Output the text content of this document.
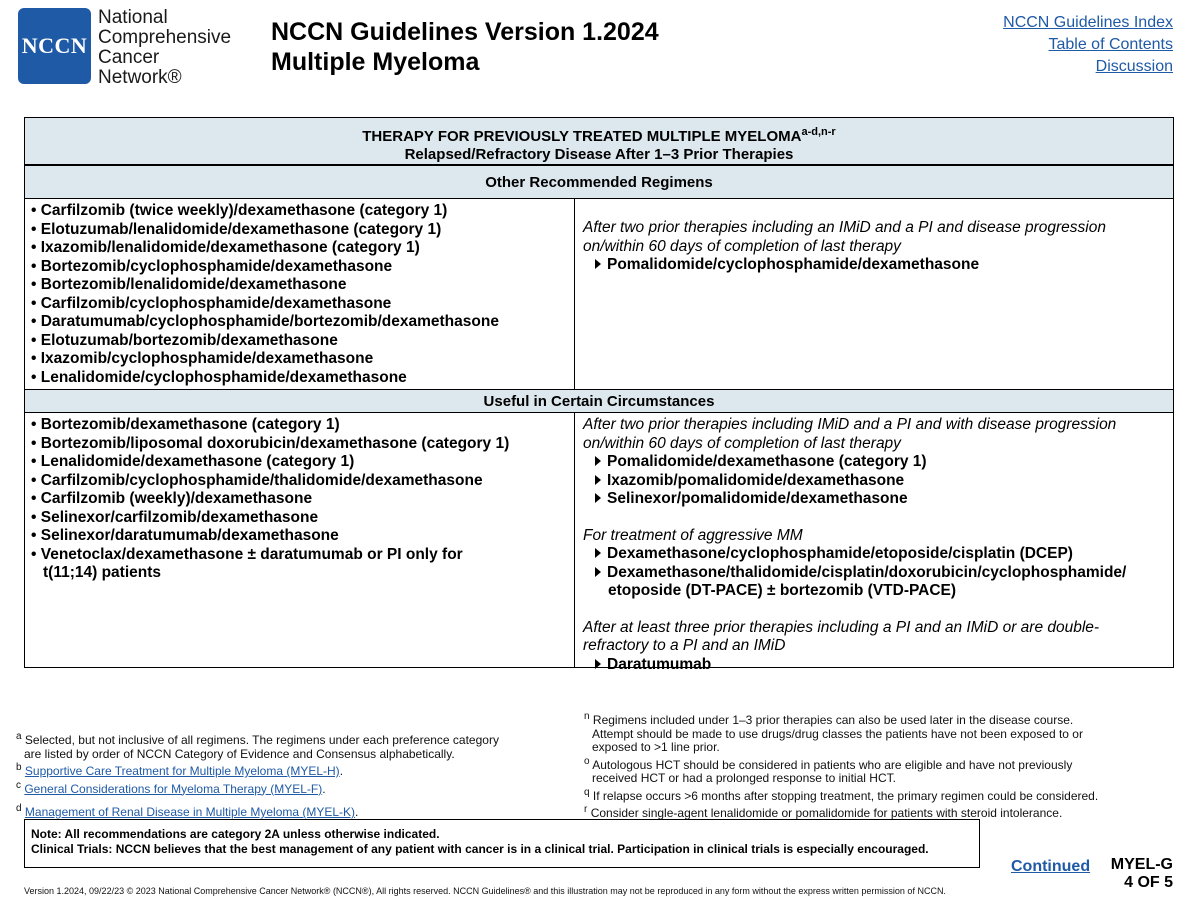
NCCN
National
Comprehensive
Cancer
Network®
NCCN Guidelines Version 1.2024
Multiple Myeloma
NCCN Guidelines Index
Table of Contents
Discussion
THERAPY FOR PREVIOUSLY TREATED MULTIPLE MYELOMA$^{a-d,n-r}$
Relapsed/Refractory Disease After 1–3 Prior Therapies
Other Recommended Regimens
• Carfilzomib (twice weekly)/dexamethasone (category 1)
• Elotuzumab/lenalidomide/dexamethasone (category 1)
• Ixazomib/lenalidomide/dexamethasone (category 1)
• Bortezomib/cyclophosphamide/dexamethasone
• Bortezomib/lenalidomide/dexamethasone
• Carfilzomib/cyclophosphamide/dexamethasone
• Daratumumab/cyclophosphamide/bortezomib/dexamethasone
• Elotuzumab/bortezomib/dexamethasone
• Ixazomib/cyclophosphamide/dexamethasone
• Lenalidomide/cyclophosphamide/dexamethasone
After two prior therapies including an IMiD and a PI and disease progression
on/within 60 days of completion of last therapy
Pomalidomide/cyclophosphamide/dexamethasone
Useful in Certain Circumstances
• Bortezomib/dexamethasone (category 1)
• Bortezomib/liposomal doxorubicin/dexamethasone (category 1)
• Lenalidomide/dexamethasone (category 1)
• Carfilzomib/cyclophosphamide/thalidomide/dexamethasone
• Carfilzomib (weekly)/dexamethasone
• Selinexor/carfilzomib/dexamethasone
• Selinexor/daratumumab/dexamethasone
• Venetoclax/dexamethasone ± daratumumab or PI only for
t(11;14) patients
After two prior therapies including IMiD and a PI and with disease progression
on/within 60 days of completion of last therapy
Pomalidomide/dexamethasone (category 1)
Ixazomib/pomalidomide/dexamethasone
Selinexor/pomalidomide/dexamethasone
For treatment of aggressive MM
Dexamethasone/cyclophosphamide/etoposide/cisplatin (DCEP)
Dexamethasone/thalidomide/cisplatin/doxorubicin/cyclophosphamide/
etoposide (DT-PACE) ± bortezomib (VTD-PACE)
After at least three prior therapies including a PI and an IMiD or are double-
refractory to a PI and an IMiD
Daratumumab
$^a$ Selected, but not inclusive of all regimens. The regimens under each preference category
are listed by order of NCCN Category of Evidence and Consensus alphabetically.
$^b$ Supportive Care Treatment for Multiple Myeloma (MYEL-H).
$^c$ General Considerations for Myeloma Therapy (MYEL-F).
$^d$ Management of Renal Disease in Multiple Myeloma (MYEL-K).
$^n$ Regimens included under 1–3 prior therapies can also be used later in the disease course.
Attempt should be made to use drugs/drug classes the patients have not been exposed to or
exposed to >1 line prior.
$^o$ Autologous HCT should be considered in patients who are eligible and have not previously
received HCT or had a prolonged response to initial HCT.
$^q$ If relapse occurs >6 months after stopping treatment, the primary regimen could be considered.
$^r$ Consider single-agent lenalidomide or pomalidomide for patients with steroid intolerance.
Note: All recommendations are category 2A unless otherwise indicated.
Clinical Trials: NCCN believes that the best management of any patient with cancer is in a clinical trial. Participation in clinical trials is especially encouraged.
Continued MYEL-G
4 OF 5
Version 1.2024, 09/22/23 © 2023 National Comprehensive Cancer Network® (NCCN®), All rights reserved. NCCN Guidelines® and this illustration may not be reproduced in any form without the express written permission of NCCN.
